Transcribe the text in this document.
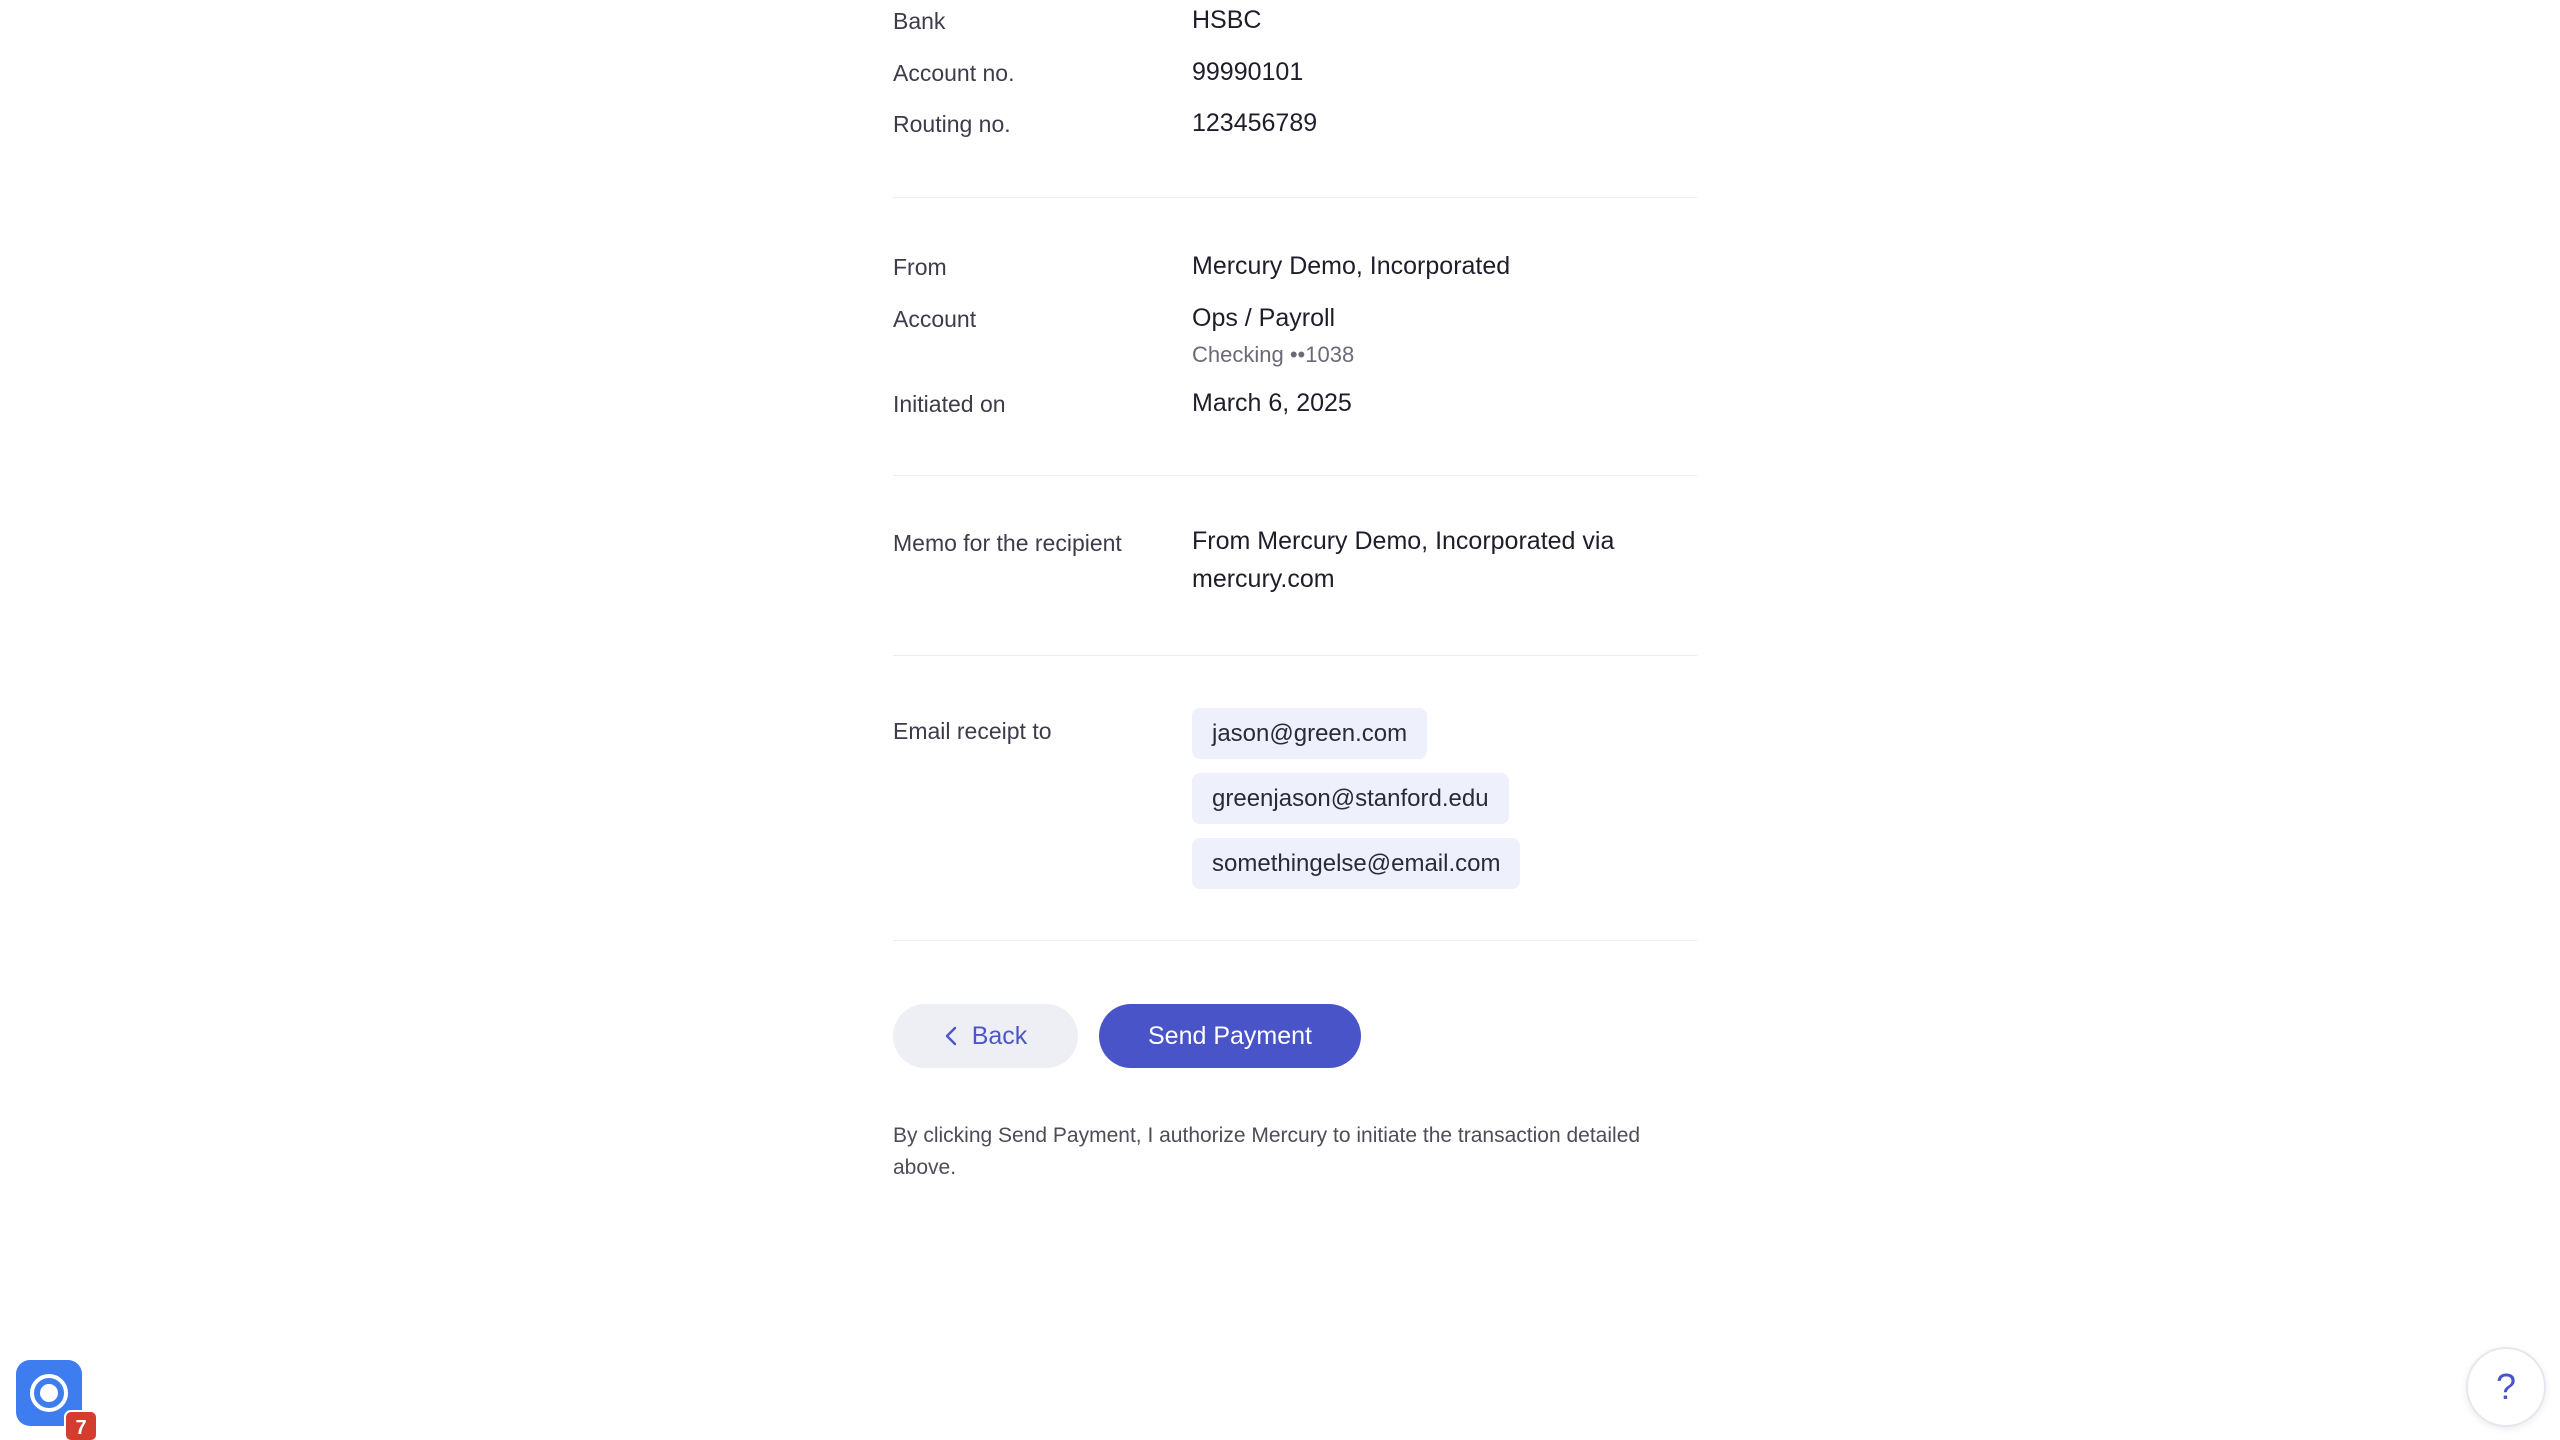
Bank	HSBC
Account no.	99990101
Routing no.	123456789
From	Mercury Demo, Incorporated
Account	Ops / Payroll
Checking ••1038
Initiated on	March 6, 2025
Memo for the recipient	From Mercury Demo, Incorporated via mercury.com
Email receipt to	jason@green.com
greenjason@stanford.edu
somethingelse@email.com
Back	Send Payment

By clicking Send Payment, I authorize Mercury to initiate the transaction detailed above.

7
?
